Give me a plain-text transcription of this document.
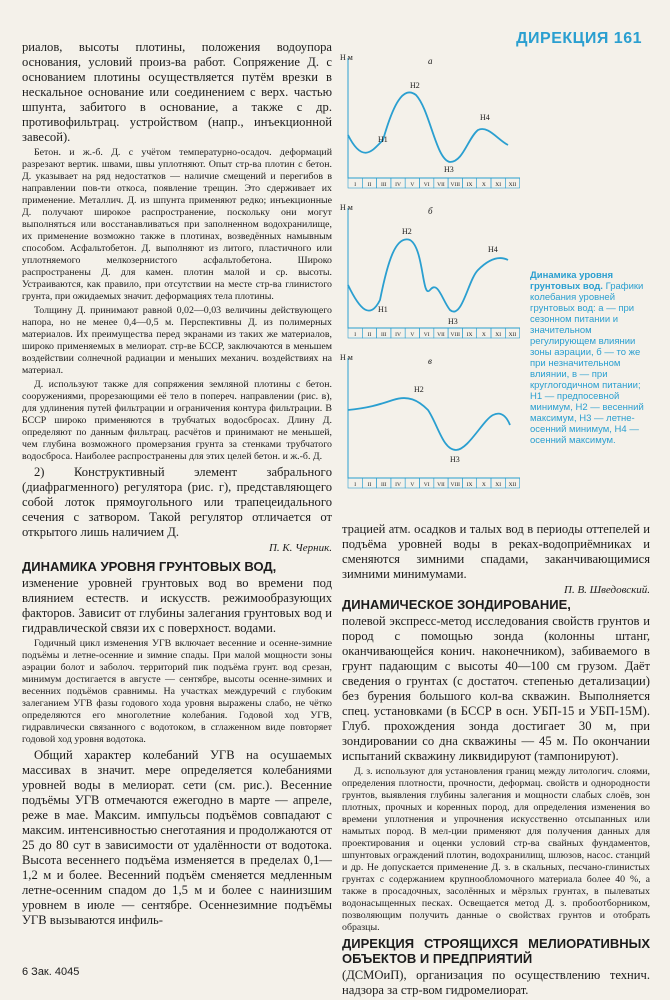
ДИРЕКЦИЯ 161

риалов, высоты плотины, положения водоупора основания, условий произ-ва работ. Сопряжение Д. с основанием плотины осуществляется путём врезки в нескальное основание или соединением с верх. частью шпунта, забитого в основание, а также с др. противофильтрац. устройством (напр., инъекционной завесой).

Бетон. и ж.-б. Д. с учётом температурно-осадоч. деформаций разрезают вертик. швами, швы уплотняют. Опыт стр-ва плотин с бетон. Д. указывает на ряд недостатков — наличие смещений и перегибов в направлении пов-ти откоса, появление трещин. Это сдерживает их применение. Металлич. Д. из шпунта применяют редко; инъекционные Д. получают широкое распространение, поскольку они могут выполняться или восстанавливаться при заполненном водохранилище, их применение возможно также в плотинах, возведённых намывным способом. Асфальтобетон. Д. выполняют из литого, пластичного или уплотняемого мелкозернистого асфальтобетона. Широко распространены Д. для камен. плотин малой и ср. высоты. Устраиваются, как правило, при отсутствии на месте стр-ва глинистого грунта, при ожидаемых значит. деформациях тела плотины.

Толщину Д. принимают равной 0,02—0,03 величины действующего напора, но не менее 0,4—0,5 м. Перспективны Д. из полимерных материалов. Их преимущества перед экранами из таких же материалов, широко применяемых в мелиорат. стр-ве БССР, заключаются в меньшем воздействии солнечной радиации и меньших механич. воздействиях на материал.

Д. используют также для сопряжения земляной плотины с бетон. сооружениями, прорезающими её тело в попереч. направлении (рис. в), для удлинения путей фильтрации и ограничения контура фильтрации. В БССР широко применяются в трубчатых водосбросах. Длину Д. определяют по данным фильтрац. расчётов и принимают не меньшей, чем глубина возможного промерзания грунта за стенками трубчатого водосброса. Наиболее распространены для этих целей бетон. и ж.-б. Д.

2) Конструктивный элемент забральногo (диафрагменного) регулятора (рис. г), представляющего собой лоток прямоугольного или трапецеидального сечения с затвором. Такой регулятор отличается от открытого лишь наличием Д.

П. К. Черник.

ДИНАМИКА УРОВНЯ ГРУНТОВЫХ ВОД,

изменение уровней грунтовых вод во времени под влиянием естеств. и искусств. режимообразующих факторов. Зависит от глубины залегания грунтовых вод и гидравлической связи их с поверхност. водами.

Годичный цикл изменения УГВ включает весенние и осенне-зимние подъёмы и летне-осенние и зимние спады. При малой мощности зоны аэрации болот и заболоч. территорий пик подъёма грунт. вод срезан, минимум достигается в августе — сентябре, высоты осенне-зимних и весенних подъёмов сравнимы. На участках междуречий с глубоким залеганием УГВ фазы годового хода уровня выражены слабо, не чётко определяются его многолетние колебания. Годовой ход УГВ, гидравлически связанного с водотоком, в сглаженном виде повторяет годовой ход уровня водотока.

Общий характер колебаний УГВ на осушаемых массивах в значит. мере определяется колебаниями уровней воды в мелиорат. сети (см. рис.). Весенние подъёмы УГВ отмечаются ежегодно в марте — апреле, реже в мае. Максим. импульсы подъёмов совпадают с максим. интенсивностью снеготаяния и продолжаются от 25 до 80 сут в зависимости от удалённости от водотока. Высота весеннего подъёма изменяется в пределах 0,1—1,2 м и более. Весенний подъём сменяется медленным летне-осенним спадом до 1,5 м и более с наинизшим уровнем в июле — сентябре. Осеннезимние подъёмы УГВ вызываются инфиль-

Н м	а
H1
H2
H3
H4
I II III IV V VI VII VIII IX X XI XII
Н м	б
H1
H2
H3
H4
I II III IV V VI VII VIII IX X XI XII
Н м	в
H2
H3
I II III IV V VI VII VIII IX X XI XII
Динамика уровня грунтовых вод. Графики колебания уровней грунтовых вод: а — при сезонном питании и значительном регулирующем влиянии зоны аэрации, б — то же при незначительном влиянии, в — при круглогодичном питании; H1 — предпосевной минимум, H2 — весенний максимум, H3 — летне-осенний минимум, H4 — осенний максимум.

трацией атм. осадков и талых вод в периоды оттепелей и подъёма уровней воды в реках-водоприёмниках и сменяются зимними спадами, заканчивающимися зимними минимумами.

П. В. Шведовский.

ДИНАМИЧЕСКОЕ ЗОНДИРОВАНИЕ,

полевой экспресс-метод исследования свойств грунтов и пород с помощью зонда (колонны штанг, оканчивающейся конич. наконечником), забиваемого в грунт падающим с высоты 40—100 см грузом. Даёт сведения о грунтах (с достаточ. степенью детализации) без бурения большого кол-ва скважин. Выполняется спец. установками (в БССР в осн. УБП-15 и УБП-15М). Глуб. прохождения зонда достигает 30 м, при зондировании со дна скважины — 45 м. По окончании испытаний скважину ликвидируют (тампонируют).

Д. з. используют для установления границ между литологич. слоями, определения плотности, прочности, деформац. свойств и однородности грунтов, выявления глубины залегания и мощности слабых слоёв, зон плотных, прочных и коренных пород, для определения изменения во времени уплотнения и упрочнения искусственно отсыпанных или намытых пород. В мел-ции применяют для получения данных для проектирования и оценки условий стр-ва свайных фундаментов, шпунтовых ограждений плотин, водохранилищ, шлюзов, насос. станций и др. Не допускается применение Д. з. в скальных, песчано-глинистых грунтах с содержанием крупнообломочного материала более 40 %, а также в просадочных, засолённых и мёрзлых грунтах, в пылеватых водонасыщенных песках. Освещается метод Д. з. пробоотборником, позволяющим получить данные о свойствах грунтов и отобрать образцы.

ДИРЕКЦИЯ СТРОЯЩИХСЯ МЕЛИОРАТИВНЫХ ОБЪЕКТОВ И ПРЕДПРИЯТИЙ

(ДСМОиП), организация по осуществлению технич. надзора за стр-вом гидромелиорат.

6 Зак. 4045
